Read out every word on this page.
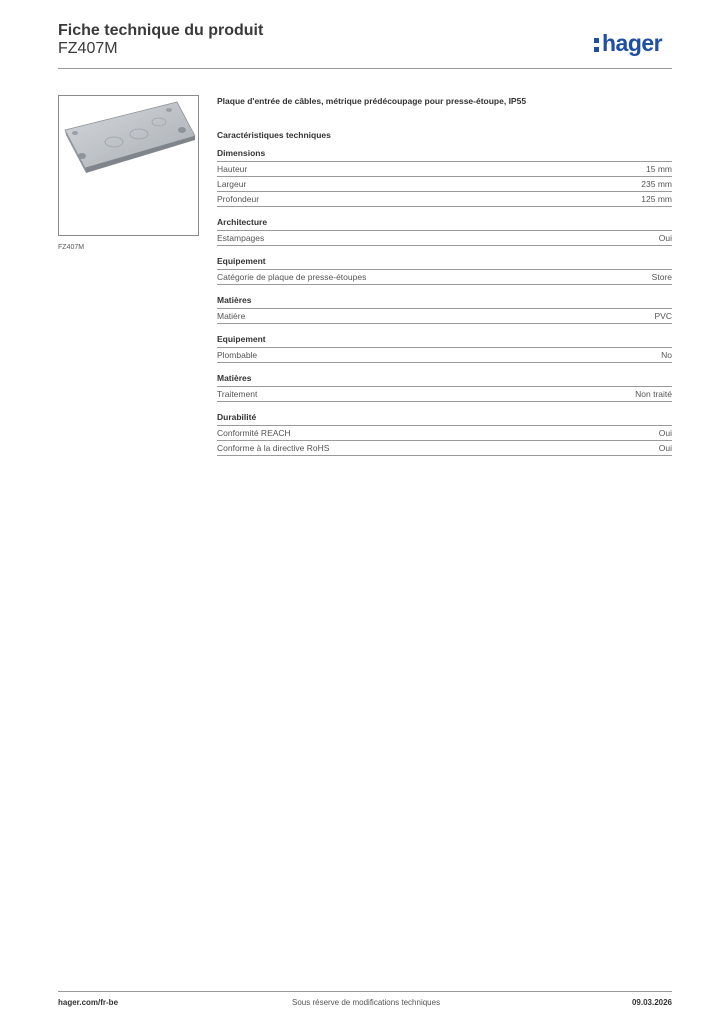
Fiche technique du produit
FZ407M	hager
FZ407M

Plaque d'entrée de câbles, métrique prédécoupage pour presse-étoupe, IP55

Caractéristiques techniques
Dimensions
Hauteur	15 mm
Largeur	235 mm
Profondeur	125 mm
Architecture
Estampages	Oui
Equipement
Catégorie de plaque de presse-étoupes	Store
Matières
Matière	PVC
Equipement
Plombable	No
Matières
Traitement	Non traité
Durabilité
Conformité REACH	Oui
Conforme à la directive RoHS	Oui
hager.com/fr-be	Sous réserve de modifications techniques	09.03.2026
